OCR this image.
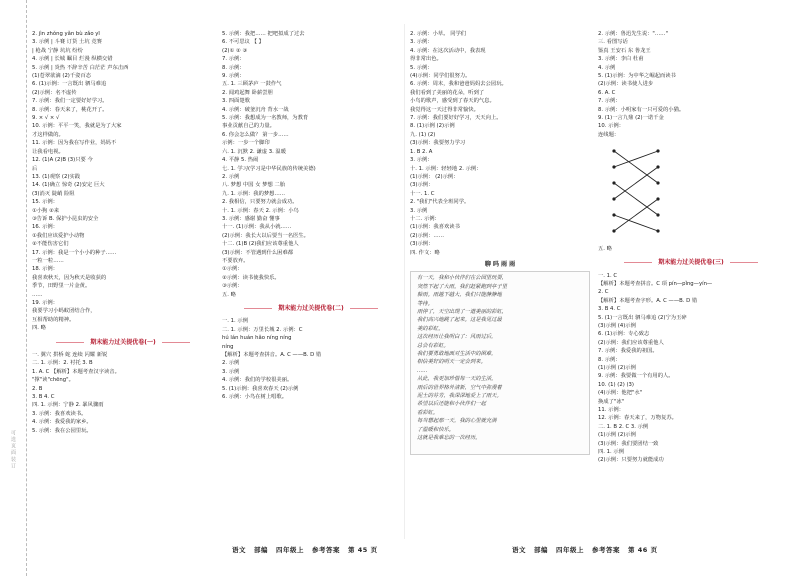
可 选 页 面 装 订
2. jìn zhǒng yǎn bù zǎo yī
3. 示例 | 斗賽 订货 土坑 竞赛
| 枪战 宁静 坑坑 纷纷
4. 示例 | 长城 瞩目 烂漫 纵横交错
5. 示例 | 炎热 不辞辛苦 白茫茫 声东击西
(1)苍翠欲滴 (2)千姿百态
6. (1)示例：一言既出 驷马难追
(2)示例：名不虚传
7. 示例：我们一定要好好学习。
8. 示例：春天来了，桃花开了。
9. × √ × √
10. 示例：平平一笑，我就是为了大家
才这样做的。
11. 示例：因为我在写作业，妈妈不
让我看电视。
12. (1)A (2)B (3)只要 今
后
13. (1)观察 (2)实践
14. (1)确立 惊奇 (2)安定 巨大
(3)消灭 陡峭 险阻
15. 示例：
①小狗 ②来
③告诉 B. 保护小昆虫的安全
16. 示例：
①我们应该爱护小动物
②不能伤害它们
17. 示例：我是一个小小的种子……
一粒一粒……
18. 示例：
我喜欢秋天，因为秋天是收获的
季节，田野里一片金黄。
……
19. 示例：
我要学习小蚂蚁团结合作，
互相帮助的精神。
四. 略
期末能力过关提优卷(一)
一. 翼穴 拱桥 蛇 连续 闪耀 新锐
二. 1. 示例：2. 衬托 3. B
1. A. C 【解析】本题考查汉字读音。
"撑"读"chēng"。
2. B
3. B 4. C
四. 1. 示例：宁静 2. 暴风骤雨
3. 示例：我喜欢读书。
4. 示例：我爱我的家乡。
5. 示例：我在公园里玩。
5. 示例：我把…… 把吧拟成了过去
6. 不可思议 【 】
(2)① ② ③
7. 示例：
8. 示例：
9. 示例：
五. 1. 三顾茅庐 一鼓作气
2. 闻鸡起舞 卧薪尝胆
3. 四面楚歌
4. 示例：破釜沉舟 背水一战
5. 示例：我想成为一名教师，为教育
事业贡献自己的力量。
6. 你会怎么做？ 第一步……
示例：一步一个脚印
六. 1. 沉默 2. 谦虚 3. 温暖
4. 平静 5. 热闹
七. 1. 学习(学习是中华民族的传统美德)
2. 示例
八. 梦想 中国 女 梦想 二胎
九. 1. 示例：我的梦想……
2. 我相信，只要努力就会成功。
十. 1. 示例：春天 2. 示例：小鸟
3. 示例：感谢 勤奋 懂事
十一. (1)示例：我从小就……
(2)示例：我长大以后要当一名医生。
十二. (1)B (2)我们应该尊重他人
(3)示例：不管遇到什么困难都
不要放弃。
①示例：
②示例：读书使我快乐。
③示例：
五. 略
期末能力过关提优卷(二)
一. 1. 示例
二. 1. 示例：万里长城 2. 示例：C
hú lán huán hǎo níng níng
níng
【解析】本题考查拼音。A. C ——B. D 错
2. 示例
3. 示例
4. 示例：我们的学校很美丽。
5. (1)示例：我喜欢春天 (2)示例
6. 示例：小鸟在树上唱歌。
2. 示例：小草。 同学们
3. 示例：
4. 示例：在这次活动中，我表现
得非常出色。
5. 示例：
(4)示例：同学们很努力。
6. 示例：周末，我和爸爸妈妈去公园玩。
我们看到了美丽的花朵，听到了
小鸟的歌声，感受到了春天的气息。
我觉得这一天过得非常愉快。
7. 示例：我们要好好学习，天天向上。
8. (1)示例 (2)示例
九. (1) (2)
(3)示例：我要努力学习
1. B 2. A
3. 示例：
十. 1. 示例：轻轻地 2. 示例：
(1)示例： (2)示例：
(3)示例：
十一. 1. C
2. "我们"代表全班同学。
3. 示例
十二. 示例：
(1)示例：我喜欢读书
(2)示例：……
(3)示例：
四. 作文：略
聊 吗 雨 雨
有一天，我和小伙伴们在公园里玩耍，
突然下起了大雨。我们赶紧跑到亭子里
躲雨。雨越下越大，我们只能静静地
等待。
雨停了，天空出现了一道美丽的彩虹，
我们高兴地跳了起来。这是我见过最
美的彩虹。
这次经历让我明白了：风雨过后，
总会有彩虹。
我们要勇敢地面对生活中的困难，
相信美好的明天一定会到来。
……
从此，我更加珍惜每一天的生活。
雨后的世界格外清新，空气中弥漫着
泥土的芬芳，我深深地爱上了雨天。
希望以后还能和小伙伴们一起
看彩虹。
每当想起那一天，我的心里就充满
了温暖和快乐。
这就是我难忘的一次经历。
2. 示例：鲁迅先生说："……"
三. 看图写话
鉴真 王安石 东 鲁龙王
3. 示例：李白 杜甫
4. 示例
5. (1)示例：为中华之崛起而读书
(2)示例：读书使人进步
6. A. C
7. 示例：
8. 示例：小明家有一只可爱的小猫。
9. (1)一言九鼎 (2)一诺千金
10. 示例：
连线题：
五. 略
期末能力过关提优卷(三)
一. 1. C
【解析】本题考查拼音。C 项 pín—pǐng—yín—
2. C
【解析】本题考查字形。A. C ——B. D 错
3. B 4. C
5. (1)一言既出 驷马难追 (2)宁为玉碎
(3)示例 (4)示例
6. (1)示例：专心致志
(2)示例：我们应该尊重他人
7. 示例：我爱我的祖国。
8. 示例：
(1)示例 (2)示例
9. 示例：我要做一个有用的人。
10. (1) (2) (3)
(4)示例：他把"水"
换成了"冰"
11. 示例：
12. 示例：春天来了，万物复苏。
二. 1. B 2. C 3. 示例
(1)示例 (2)示例
(3)示例：我们要团结一致
四. 1. 示例
(2)示例：只要努力就能成功
语文 部编 四年级上 参考答案 第 45 页	语文 部编 四年级上 参考答案 第 46 页
